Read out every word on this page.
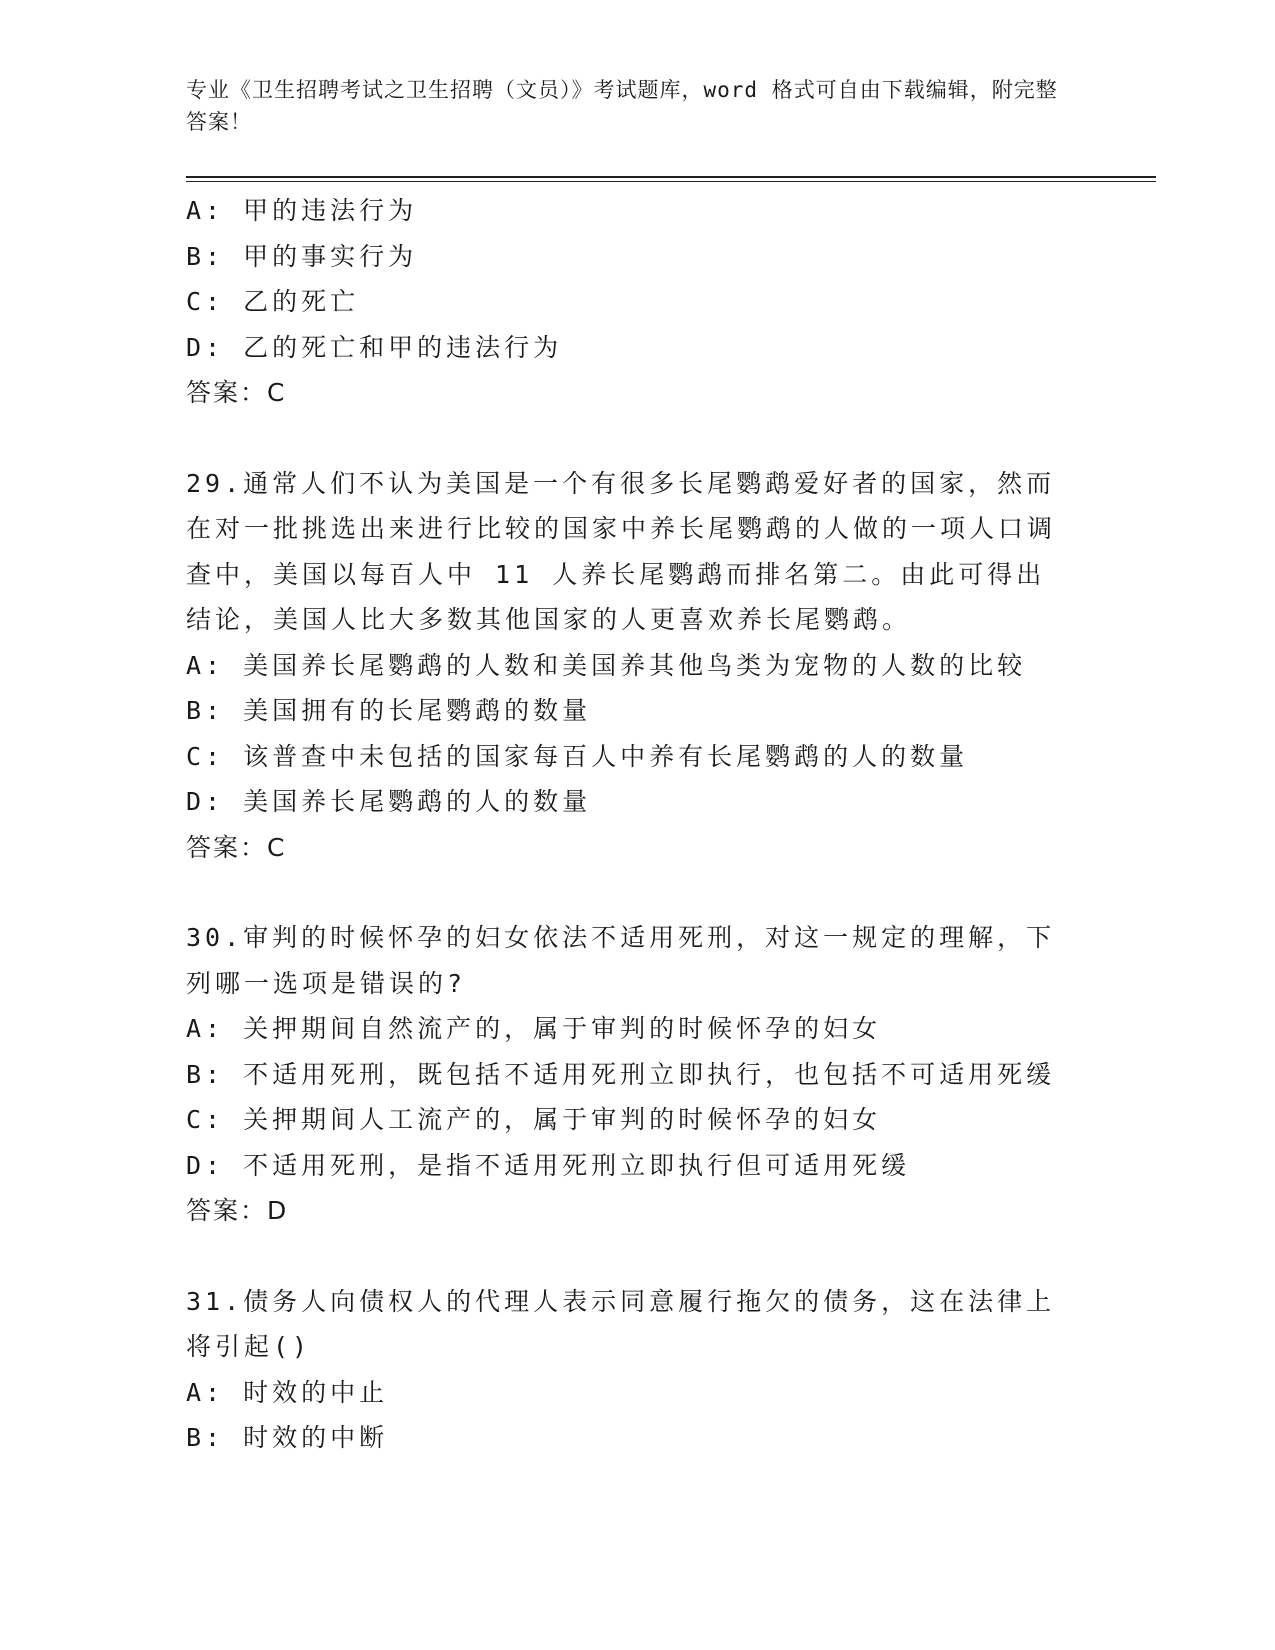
专业《卫生招聘考试之卫生招聘（文员）》考试题库，word 格式可自由下载编辑，附完整答案！
A: 甲的违法行为
B: 甲的事实行为
C: 乙的死亡
D: 乙的死亡和甲的违法行为
答案：C
29.通常人们不认为美国是一个有很多长尾鹦鹉爱好者的国家，然而在对一批挑选出来进行比较的国家中养长尾鹦鹉的人做的一项人口调查中，美国以每百人中 11 人养长尾鹦鹉而排名第二。由此可得出结论，美国人比大多数其他国家的人更喜欢养长尾鹦鹉。
A: 美国养长尾鹦鹉的人数和美国养其他鸟类为宠物的人数的比较
B: 美国拥有的长尾鹦鹉的数量
C: 该普查中未包括的国家每百人中养有长尾鹦鹉的人的数量
D: 美国养长尾鹦鹉的人的数量
答案：C
30.审判的时候怀孕的妇女依法不适用死刑，对这一规定的理解，下列哪一选项是错误的?
A: 关押期间自然流产的，属于审判的时候怀孕的妇女
B: 不适用死刑，既包括不适用死刑立即执行，也包括不可适用死缓
C: 关押期间人工流产的，属于审判的时候怀孕的妇女
D: 不适用死刑，是指不适用死刑立即执行但可适用死缓
答案：D
31.债务人向债权人的代理人表示同意履行拖欠的债务，这在法律上将引起()
A: 时效的中止
B: 时效的中断
